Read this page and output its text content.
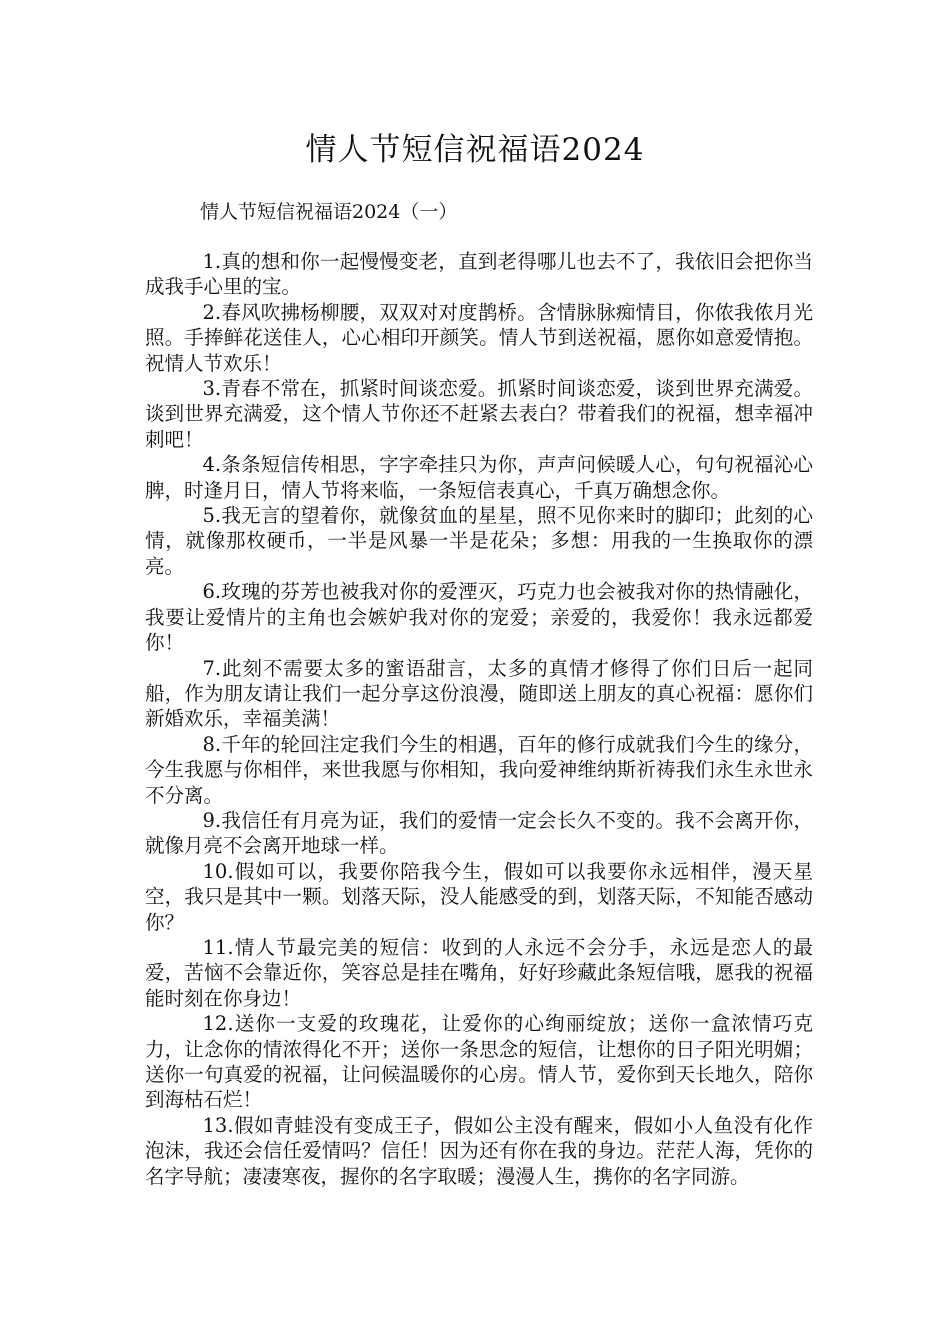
情人节短信祝福语2024

情人节短信祝福语2024（一）

1.真的想和你一起慢慢变老，直到老得哪儿也去不了，我依旧会把你当成我手心里的宝。

2.春风吹拂杨柳腰，双双对对度鹊桥。含情脉脉痴情目，你侬我侬月光照。手捧鲜花送佳人，心心相印开颜笑。情人节到送祝福，愿你如意爱情抱。祝情人节欢乐！

3.青春不常在，抓紧时间谈恋爱。抓紧时间谈恋爱，谈到世界充满爱。谈到世界充满爱，这个情人节你还不赶紧去表白？带着我们的祝福，想幸福冲刺吧！

4.条条短信传相思，字字牵挂只为你，声声问候暖人心，句句祝福沁心脾，时逢月日，情人节将来临，一条短信表真心，千真万确想念你。

5.我无言的望着你，就像贫血的星星，照不见你来时的脚印；此刻的心情，就像那枚硬币，一半是风暴一半是花朵；多想：用我的一生换取你的漂亮。

6.玫瑰的芬芳也被我对你的爱湮灭，巧克力也会被我对你的热情融化，我要让爱情片的主角也会嫉妒我对你的宠爱；亲爱的，我爱你！我永远都爱你！

7.此刻不需要太多的蜜语甜言，太多的真情才修得了你们日后一起同船，作为朋友请让我们一起分享这份浪漫，随即送上朋友的真心祝福：愿你们新婚欢乐，幸福美满！

8.千年的轮回注定我们今生的相遇，百年的修行成就我们今生的缘分，今生我愿与你相伴，来世我愿与你相知，我向爱神维纳斯祈祷我们永生永世永不分离。

9.我信任有月亮为证，我们的爱情一定会长久不变的。我不会离开你，就像月亮不会离开地球一样。

10.假如可以，我要你陪我今生，假如可以我要你永远相伴，漫天星空，我只是其中一颗。划落天际，没人能感受的到，划落天际，不知能否感动你？

11.情人节最完美的短信：收到的人永远不会分手，永远是恋人的最爱，苦恼不会靠近你，笑容总是挂在嘴角，好好珍藏此条短信哦，愿我的祝福能时刻在你身边！

12.送你一支爱的玫瑰花，让爱你的心绚丽绽放；送你一盒浓情巧克力，让念你的情浓得化不开；送你一条思念的短信，让想你的日子阳光明媚；送你一句真爱的祝福，让问候温暖你的心房。情人节，爱你到天长地久，陪你到海枯石烂！

13.假如青蛙没有变成王子，假如公主没有醒来，假如小人鱼没有化作泡沫，我还会信任爱情吗？信任！因为还有你在我的身边。茫茫人海，凭你的名字导航；凄凄寒夜，握你的名字取暖；漫漫人生，携你的名字同游。
